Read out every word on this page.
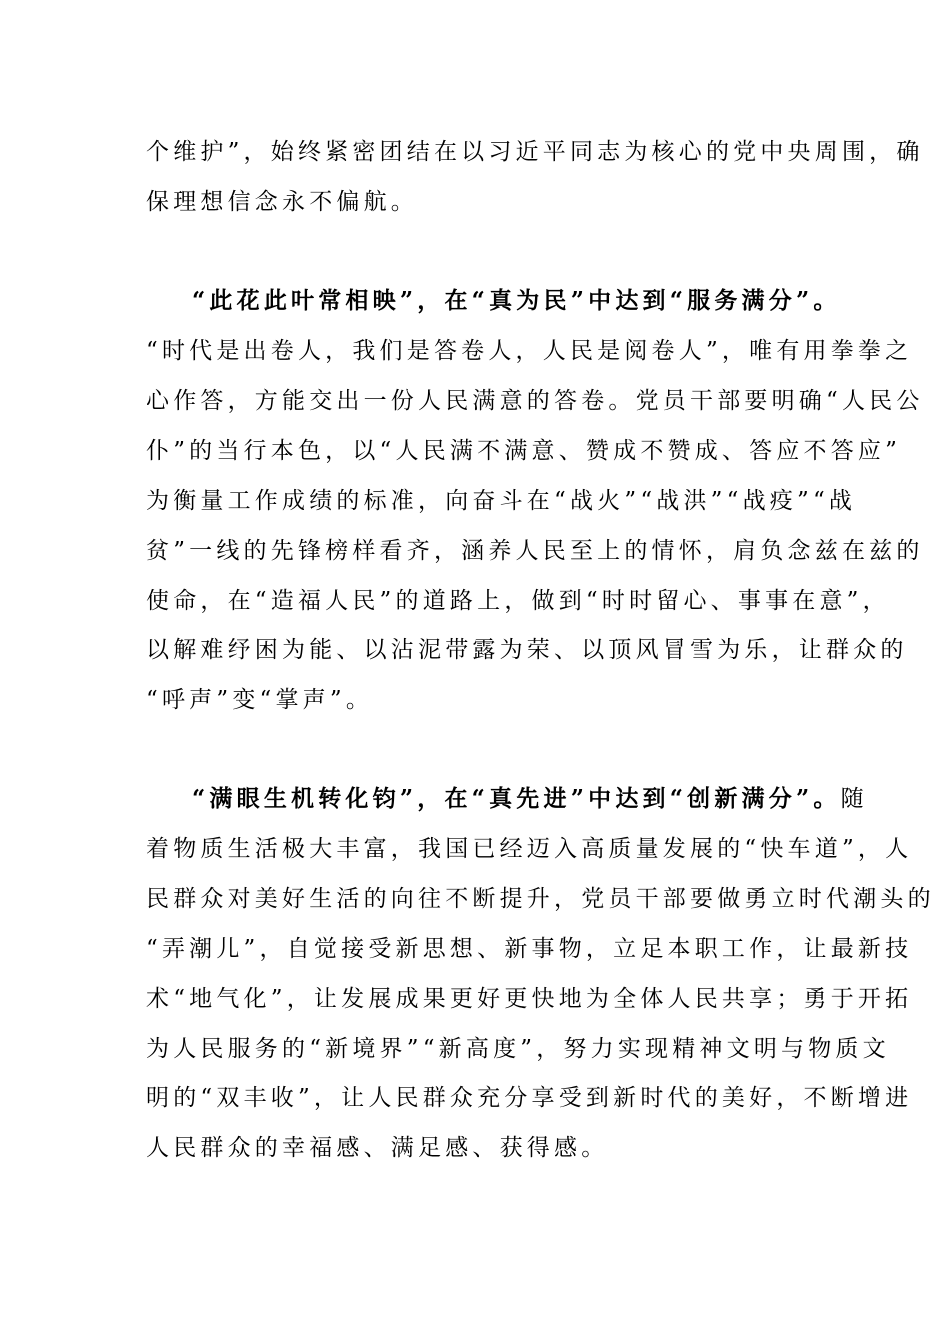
个维护”，始终紧密团结在以习近平同志为核心的党中央周围，确
保理想信念永不偏航。
“此花此叶常相映”，在“真为民”中达到“服务满分”。
“时代是出卷人，我们是答卷人，人民是阅卷人”，唯有用拳拳之
心作答，方能交出一份人民满意的答卷。党员干部要明确“人民公
仆”的当行本色，以“人民满不满意、赞成不赞成、答应不答应”
为衡量工作成绩的标准，向奋斗在“战火”“战洪”“战疫”“战
贫”一线的先锋榜样看齐，涵养人民至上的情怀，肩负念兹在兹的
使命，在“造福人民”的道路上，做到“时时留心、事事在意”，
以解难纾困为能、以沾泥带露为荣、以顶风冒雪为乐，让群众的
“呼声”变“掌声”。
“满眼生机转化钧”，在“真先进”中达到“创新满分”。随
着物质生活极大丰富，我国已经迈入高质量发展的“快车道”，人
民群众对美好生活的向往不断提升，党员干部要做勇立时代潮头的
“弄潮儿”，自觉接受新思想、新事物，立足本职工作，让最新技
术“地气化”，让发展成果更好更快地为全体人民共享；勇于开拓
为人民服务的“新境界”“新高度”，努力实现精神文明与物质文
明的“双丰收”，让人民群众充分享受到新时代的美好，不断增进
人民群众的幸福感、满足感、获得感。
